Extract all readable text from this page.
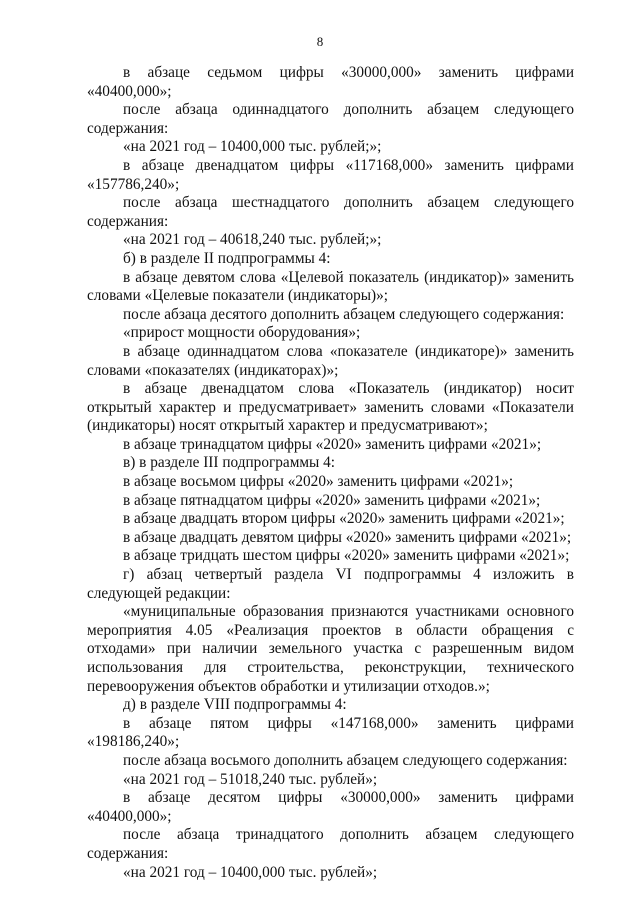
8

в абзаце седьмом цифры «30000,000» заменить цифрами «40400,000»;

после абзаца одиннадцатого дополнить абзацем следующего содержания:

«на 2021 год – 10400,000 тыс. рублей;»;

в абзаце двенадцатом цифры «117168,000» заменить цифрами «157786,240»;

после абзаца шестнадцатого дополнить абзацем следующего содержания:

«на 2021 год – 40618,240 тыс. рублей;»;

б) в разделе II подпрограммы 4:

в абзаце девятом слова «Целевой показатель (индикатор)» заменить словами «Целевые показатели (индикаторы)»;

после абзаца десятого дополнить абзацем следующего содержания:

«прирост мощности оборудования»;

в абзаце одиннадцатом слова «показателе (индикаторе)» заменить словами «показателях (индикаторах)»;

в абзаце двенадцатом слова «Показатель (индикатор) носит открытый характер и предусматривает» заменить словами «Показатели (индикаторы) носят открытый характер и предусматривают»;

в абзаце тринадцатом цифры «2020» заменить цифрами «2021»;

в) в разделе III подпрограммы 4:

в абзаце восьмом цифры «2020» заменить цифрами «2021»;

в абзаце пятнадцатом цифры «2020» заменить цифрами «2021»;

в абзаце двадцать втором цифры «2020» заменить цифрами «2021»;

в абзаце двадцать девятом цифры «2020» заменить цифрами «2021»;

в абзаце тридцать шестом цифры «2020» заменить цифрами «2021»;

г) абзац четвертый раздела VI подпрограммы 4 изложить в следующей редакции:

«муниципальные образования признаются участниками основного мероприятия 4.05 «Реализация проектов в области обращения с отходами» при наличии земельного участка с разрешенным видом использования для строительства, реконструкции, технического перевооружения объектов обработки и утилизации отходов.»;

д) в разделе VIII подпрограммы 4:

в абзаце пятом цифры «147168,000» заменить цифрами «198186,240»;

после абзаца восьмого дополнить абзацем следующего содержания:

«на 2021 год – 51018,240 тыс. рублей»;

в абзаце десятом цифры «30000,000» заменить цифрами «40400,000»;

после абзаца тринадцатого дополнить абзацем следующего содержания:

«на 2021 год – 10400,000 тыс. рублей»;
